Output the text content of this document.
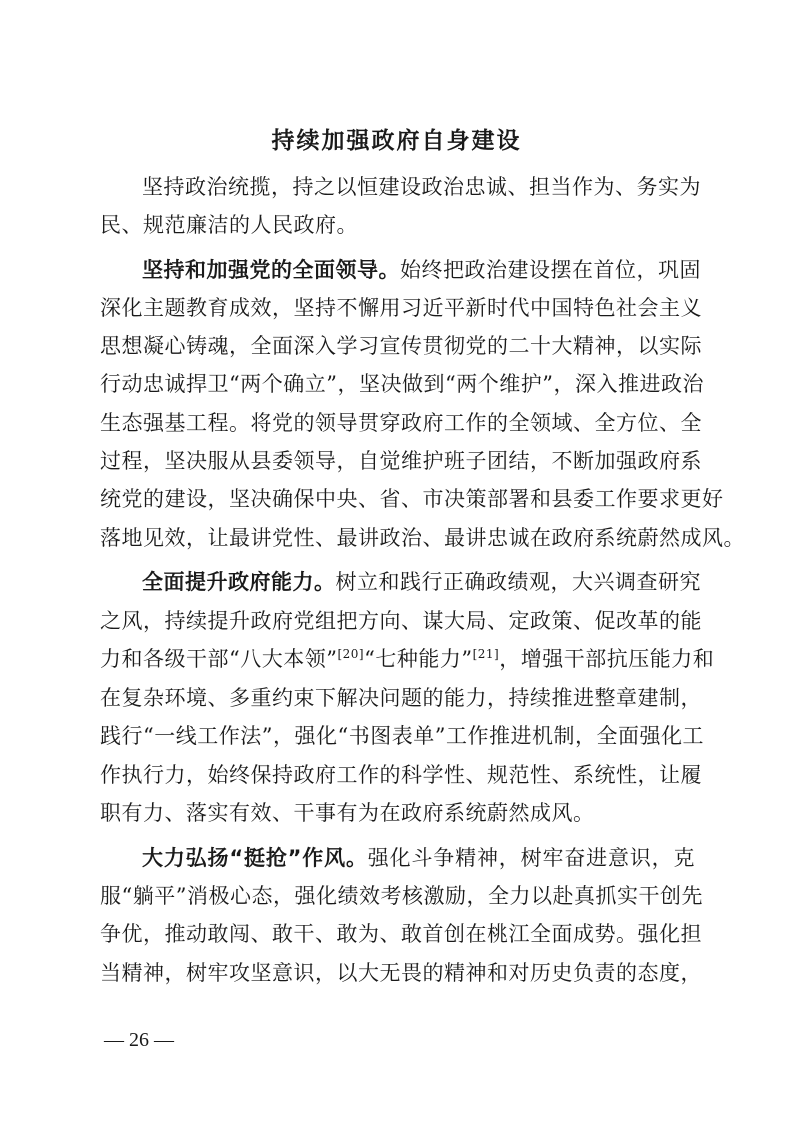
持续加强政府自身建设
坚持政治统揽，持之以恒建设政治忠诚、担当作为、务实为
民、规范廉洁的人民政府。
坚持和加强党的全面领导。始终把政治建设摆在首位，巩固
深化主题教育成效，坚持不懈用习近平新时代中国特色社会主义
思想凝心铸魂，全面深入学习宣传贯彻党的二十大精神，以实际
行动忠诚捍卫“两个确立”，坚决做到“两个维护”，深入推进政治
生态强基工程。将党的领导贯穿政府工作的全领域、全方位、全
过程，坚决服从县委领导，自觉维护班子团结，不断加强政府系
统党的建设，坚决确保中央、省、市决策部署和县委工作要求更好
落地见效，让最讲党性、最讲政治、最讲忠诚在政府系统蔚然成风。
全面提升政府能力。树立和践行正确政绩观，大兴调查研究
之风，持续提升政府党组把方向、谋大局、定政策、促改革的能
力和各级干部“八大本领”[20]“七种能力”[21]，增强干部抗压能力和
在复杂环境、多重约束下解决问题的能力，持续推进整章建制，
践行“一线工作法”，强化“书图表单”工作推进机制，全面强化工
作执行力，始终保持政府工作的科学性、规范性、系统性，让履
职有力、落实有效、干事有为在政府系统蔚然成风。
大力弘扬“挺抢”作风。强化斗争精神，树牢奋进意识，克
服“躺平”消极心态，强化绩效考核激励，全力以赴真抓实干创先
争优，推动敢闯、敢干、敢为、敢首创在桃江全面成势。强化担
当精神，树牢攻坚意识，以大无畏的精神和对历史负责的态度，
— 26 —
